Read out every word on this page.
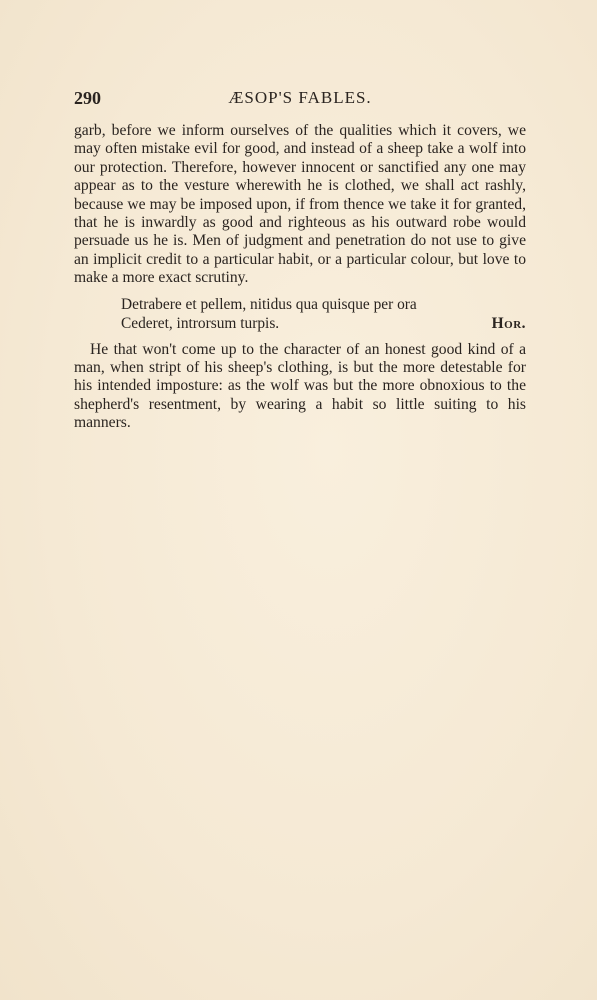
290	ÆSOP'S FABLES.

garb, before we inform ourselves of the qualities which it covers, we may often mistake evil for good, and instead of a sheep take a wolf into our protection. Therefore, however innocent or sanctified any one may appear as to the vesture wherewith he is clothed, we shall act rashly, because we may be imposed upon, if from thence we take it for granted, that he is inwardly as good and righteous as his outward robe would persuade us he is. Men of judgment and penetration do not use to give an implicit credit to a particular habit, or a particular colour, but love to make a more exact scrutiny.

Detrabere et pellem, nitidus qua quisque per ora
Cederet, introrsum turpis.	Hor.

He that won't come up to the character of an honest good kind of a man, when stript of his sheep's clothing, is but the more detestable for his intended imposture: as the wolf was but the more obnoxious to the shepherd's resentment, by wearing a habit so little suiting to his manners.
